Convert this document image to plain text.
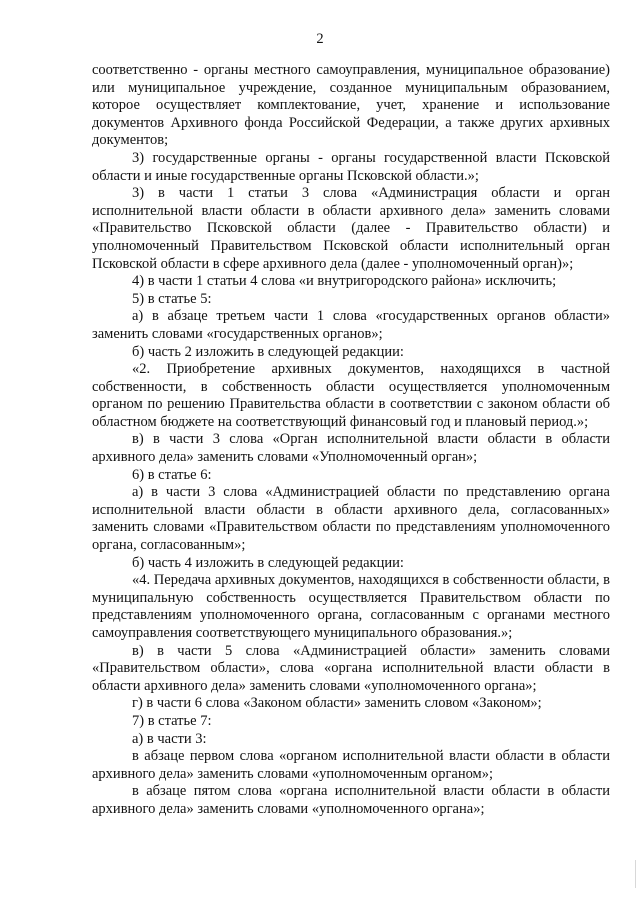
2

соответственно - органы местного самоуправления, муниципальное образование) или муниципальное учреждение, созданное муниципальным образованием, которое осуществляет комплектование, учет, хранение и использование документов Архивного фонда Российской Федерации, а также других архивных документов;

3) государственные органы - органы государственной власти Псковской области и иные государственные органы Псковской области.»;

3) в части 1 статьи 3 слова «Администрация области и орган исполнительной власти области в области архивного дела» заменить словами «Правительство Псковской области (далее - Правительство области) и уполномоченный Правительством Псковской области исполнительный орган Псковской области в сфере архивного дела (далее - уполномоченный орган)»;

4) в части 1 статьи 4 слова «и внутригородского района» исключить;

5) в статье 5:

а) в абзаце третьем части 1 слова «государственных органов области» заменить словами «государственных органов»;

б) часть 2 изложить в следующей редакции:

«2. Приобретение архивных документов, находящихся в частной собственности, в собственность области осуществляется уполномоченным органом по решению Правительства области в соответствии с законом области об областном бюджете на соответствующий финансовый год и плановый период.»;

в) в части 3 слова «Орган исполнительной власти области в области архивного дела» заменить словами «Уполномоченный орган»;

6) в статье 6:

а) в части 3 слова «Администрацией области по представлению органа исполнительной власти области в области архивного дела, согласованных» заменить словами «Правительством области по представлениям уполномоченного органа, согласованным»;

б) часть 4 изложить в следующей редакции:

«4. Передача архивных документов, находящихся в собственности области, в муниципальную собственность осуществляется Правительством области по представлениям уполномоченного органа, согласованным с органами местного самоуправления соответствующего муниципального образования.»;

в) в части 5 слова «Администрацией области» заменить словами «Правительством области», слова «органа исполнительной власти области в области архивного дела» заменить словами «уполномоченного органа»;

г) в части 6 слова «Законом области» заменить словом «Законом»;

7) в статье 7:

а) в части 3:

в абзаце первом слова «органом исполнительной власти области в области архивного дела» заменить словами «уполномоченным органом»;

в абзаце пятом слова «органа исполнительной власти области в области архивного дела» заменить словами «уполномоченного органа»;
